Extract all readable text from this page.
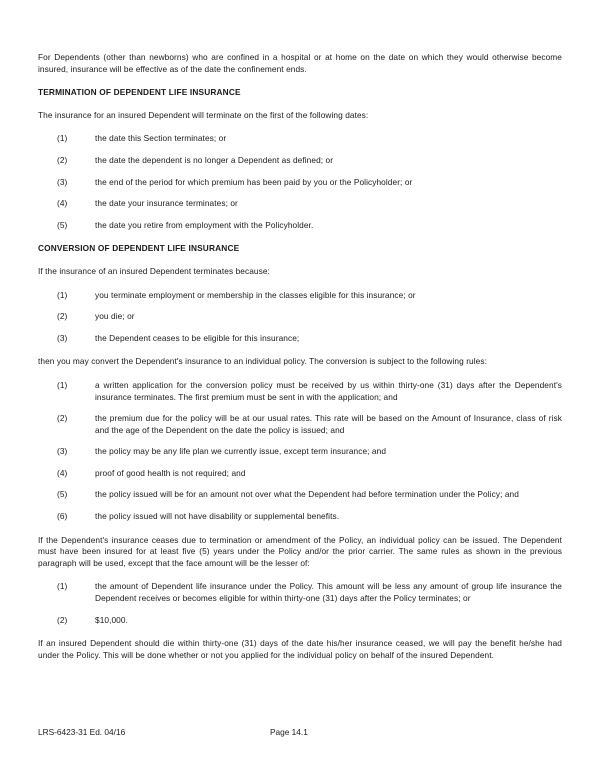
For Dependents (other than newborns) who are confined in a hospital or at home on the date on which they would otherwise become insured, insurance will be effective as of the date the confinement ends.

TERMINATION OF DEPENDENT LIFE INSURANCE

The insurance for an insured Dependent will terminate on the first of the following dates:

(1)	the date this Section terminates; or
(2)	the date the dependent is no longer a Dependent as defined; or
(3)	the end of the period for which premium has been paid by you or the Policyholder; or
(4)	the date your insurance terminates; or
(5)	the date you retire from employment with the Policyholder.
CONVERSION OF DEPENDENT LIFE INSURANCE

If the insurance of an insured Dependent terminates because:

(1)	you terminate employment or membership in the classes eligible for this insurance; or
(2)	you die; or
(3)	the Dependent ceases to be eligible for this insurance;

then you may convert the Dependent's insurance to an individual policy. The conversion is subject to the following rules:

(1)	a written application for the conversion policy must be received by us within thirty-one (31) days after the Dependent's insurance terminates. The first premium must be sent in with the application; and
(2)	the premium due for the policy will be at our usual rates. This rate will be based on the Amount of Insurance, class of risk and the age of the Dependent on the date the policy is issued; and
(3)	the policy may be any life plan we currently issue, except term insurance; and
(4)	proof of good health is not required; and
(5)	the policy issued will be for an amount not over what the Dependent had before termination under the Policy; and
(6)	the policy issued will not have disability or supplemental benefits.

If the Dependent's insurance ceases due to termination or amendment of the Policy, an individual policy can be issued. The Dependent must have been insured for at least five (5) years under the Policy and/or the prior carrier. The same rules as shown in the previous paragraph will be used, except that the face amount will be the lesser of:

(1)	the amount of Dependent life insurance under the Policy. This amount will be less any amount of group life insurance the Dependent receives or becomes eligible for within thirty-one (31) days after the Policy terminates; or
(2)	$10,000.

If an insured Dependent should die within thirty-one (31) days of the date his/her insurance ceased, we will pay the benefit he/she had under the Policy. This will be done whether or not you applied for the individual policy on behalf of the insured Dependent.

LRS-6423-31 Ed. 04/16	Page 14.1
